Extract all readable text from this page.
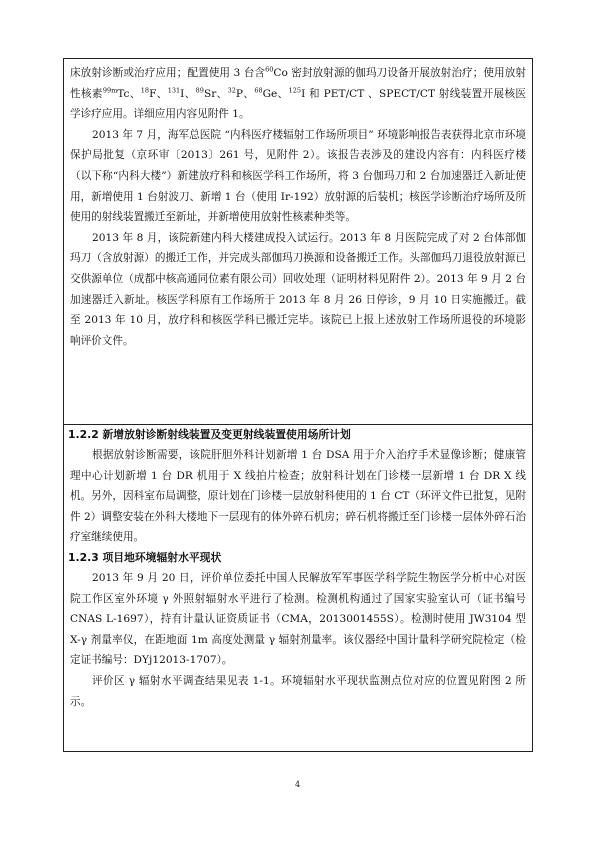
床放射诊断或治疗应用；配置使用 3 台含$^{60}$Co 密封放射源的伽玛刀设备开展放射治疗；使用放射性核素$^{99m}$Tc、$^{18}$F、$^{131}$I、$^{89}$Sr、$^{32}$P、$^{68}$Ge、$^{125}$I 和 PET/CT 、SPECT/CT 射线装置开展核医学诊疗应用。详细应用内容见附件 1。

2013 年 7 月，海军总医院 “内科医疗楼辐射工作场所项目” 环境影响报告表获得北京市环境保护局批复（京环审〔2013〕261 号，见附件 2）。该报告表涉及的建设内容有：内科医疗楼（以下称“内科大楼”）新建放疗科和核医学科工作场所，将 3 台伽玛刀和 2 台加速器迁入新址使用，新增使用 1 台射波刀、新增 1 台（使用 Ir-192）放射源的后装机；核医学诊断治疗场所及所使用的射线装置搬迁至新址，并新增使用放射性核素种类等。

2013 年 8 月，该院新建内科大楼建成投入试运行。2013 年 8 月医院完成了对 2 台体部伽玛刀（含放射源）的搬迁工作，并完成头部伽玛刀换源和设备搬迁工作。头部伽玛刀退役放射源已交供源单位（成都中核高通同位素有限公司）回收处理（证明材料见附件 2）。2013 年 9 月 2 台加速器迁入新址。核医学科原有工作场所于 2013 年 8 月 26 日停诊，9 月 10 日实施搬迁。截至 2013 年 10 月，放疗科和核医学科已搬迁完毕。该院已上报上述放射工作场所退役的环境影响评价文件。

1.2.2 新增放射诊断射线装置及变更射线装置使用场所计划

根据放射诊断需要，该院肝胆外科计划新增 1 台 DSA 用于介入治疗手术显像诊断；健康管理中心计划新增 1 台 DR 机用于 X 线拍片检查；放射科计划在门诊楼一层新增 1 台 DR X 线机。另外，因科室布局调整，原计划在门诊楼一层放射科使用的 1 台 CT（环评文件已批复，见附件 2）调整安装在外科大楼地下一层现有的体外碎石机房；碎石机将搬迁至门诊楼一层体外碎石治疗室继续使用。

1.2.3 项目地环境辐射水平现状

2013 年 9 月 20 日，评价单位委托中国人民解放军军事医学科学院生物医学分析中心对医院工作区室外环境 γ 外照射辐射水平进行了检测。检测机构通过了国家实验室认可（证书编号 CNAS L-1697），持有计量认证资质证书（CMA，2013001455S）。检测时使用 JW3104 型 X-γ 剂量率仪，在距地面 1m 高度处测量 γ 辐射剂量率。该仪器经中国计量科学研究院检定（检定证书编号：DYj12013-1707）。

评价区 γ 辐射水平调查结果见表 1-1。环境辐射水平现状监测点位对应的位置见附图 2 所示。

4
